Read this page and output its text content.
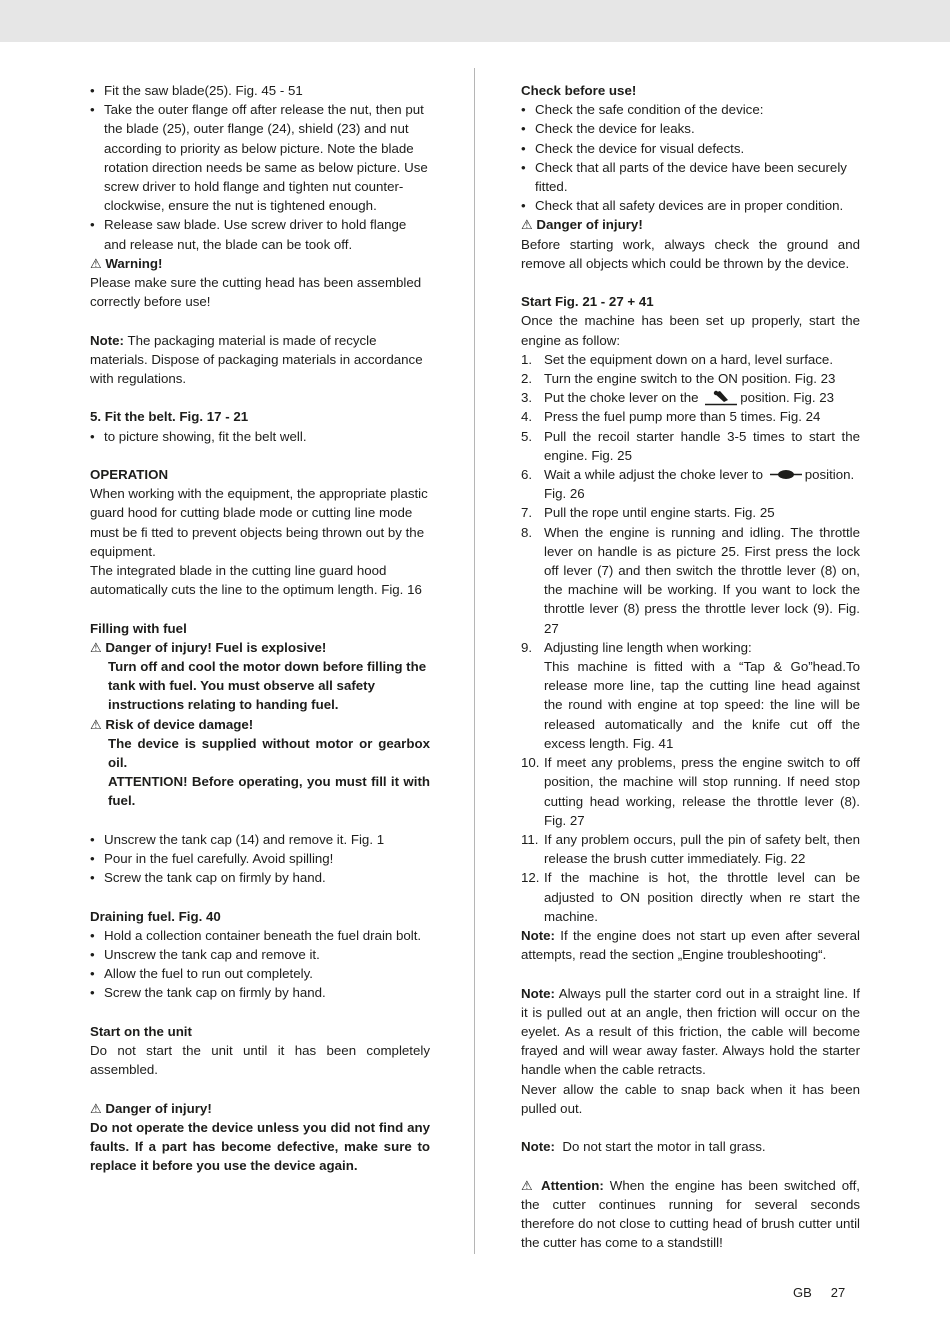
• Fit the saw blade(25). Fig. 45 - 51
• Take the outer flange off after release the nut, then put the blade (25), outer flange (24), shield (23) and nut according to priority as below picture. Note the blade rotation direction needs be same as below picture. Use screw driver to hold flange and tighten nut counter-clockwise, ensure the nut is tightened enough.
• Release saw blade. Use screw driver to hold flange and release nut, the blade can be took off.
⚠ Warning!
Please make sure the cutting head has been assembled correctly before use!
Note: The packaging material is made of recycle materials. Dispose of packaging materials in accordance with regulations.
5. Fit the belt. Fig. 17 - 21
• to picture showing, fit the belt well.
OPERATION
When working with the equipment, the appropriate plastic guard hood for cutting blade mode or cutting line mode must be fi tted to prevent objects being thrown out by the equipment.
The integrated blade in the cutting line guard hood automatically cuts the line to the optimum length. Fig. 16
Filling with fuel
⚠ Danger of injury! Fuel is explosive!
Turn off and cool the motor down before filling the tank with fuel. You must observe all safety instructions relating to handing fuel.
⚠ Risk of device damage!
The device is supplied without motor or gearbox oil.
ATTENTION! Before operating, you must fill it with fuel.
• Unscrew the tank cap (14) and remove it. Fig. 1
• Pour in the fuel carefully. Avoid spilling!
• Screw the tank cap on firmly by hand.
Draining fuel. Fig. 40
• Hold a collection container beneath the fuel drain bolt.
• Unscrew the tank cap and remove it.
• Allow the fuel to run out completely.
• Screw the tank cap on firmly by hand.
Start on the unit
Do not start the unit until it has been completely assembled.
⚠ Danger of injury!
Do not operate the device unless you did not find any faults. If a part has become defective, make sure to replace it before you use the device again.
Check before use!
• Check the safe condition of the device:
• Check the device for leaks.
• Check the device for visual defects.
• Check that all parts of the device have been securely fitted.
• Check that all safety devices are in proper condition.
⚠ Danger of injury!
Before starting work, always check the ground and remove all objects which could be thrown by the device.
Start Fig. 21 - 27 + 41
Once the machine has been set up properly, start the engine as follow:
1. Set the equipment down on a hard, level surface.
2. Turn the engine switch to the ON position. Fig. 23
3. Put the choke lever on the	position. Fig. 23
4. Press the fuel pump more than 5 times. Fig. 24
5. Pull the recoil starter handle 3-5 times to start the engine. Fig. 25
6. Wait a while adjust the choke lever to	position. Fig. 26
7. Pull the rope until engine starts. Fig. 25
8. When the engine is running and idling. The throttle lever on handle is as picture 25. First press the lock off lever (7) and then switch the throttle lever (8) on, the machine will be working. If you want to lock the throttle lever (8) press the throttle lever lock (9). Fig. 27
9. Adjusting line length when working:
This machine is fitted with a “Tap & Go”head.To release more line, tap the cutting line head against the round with engine at top speed: the line will be released automatically and the knife cut off the excess length. Fig. 41
10. If meet any problems, press the engine switch to off position, the machine will stop running. If need stop cutting head working, release the throttle lever (8). Fig. 27
11. If any problem occurs, pull the pin of safety belt, then release the brush cutter immediately. Fig. 22
12. If the machine is hot, the throttle level can be adjusted to ON position directly when re start the machine.
Note: If the engine does not start up even after several attempts, read the section „Engine troubleshooting“.
Note: Always pull the starter cord out in a straight line. If it is pulled out at an angle, then friction will occur on the eyelet. As a result of this friction, the cable will become frayed and will wear away faster. Always hold the starter handle when the cable retracts.
Never allow the cable to snap back when it has been pulled out.
Note: Do not start the motor in tall grass.
⚠ Attention: When the engine has been switched off, the cutter continues running for several seconds therefore do not close to cutting head of brush cutter until the cutter has come to a standstill!
GB 27
